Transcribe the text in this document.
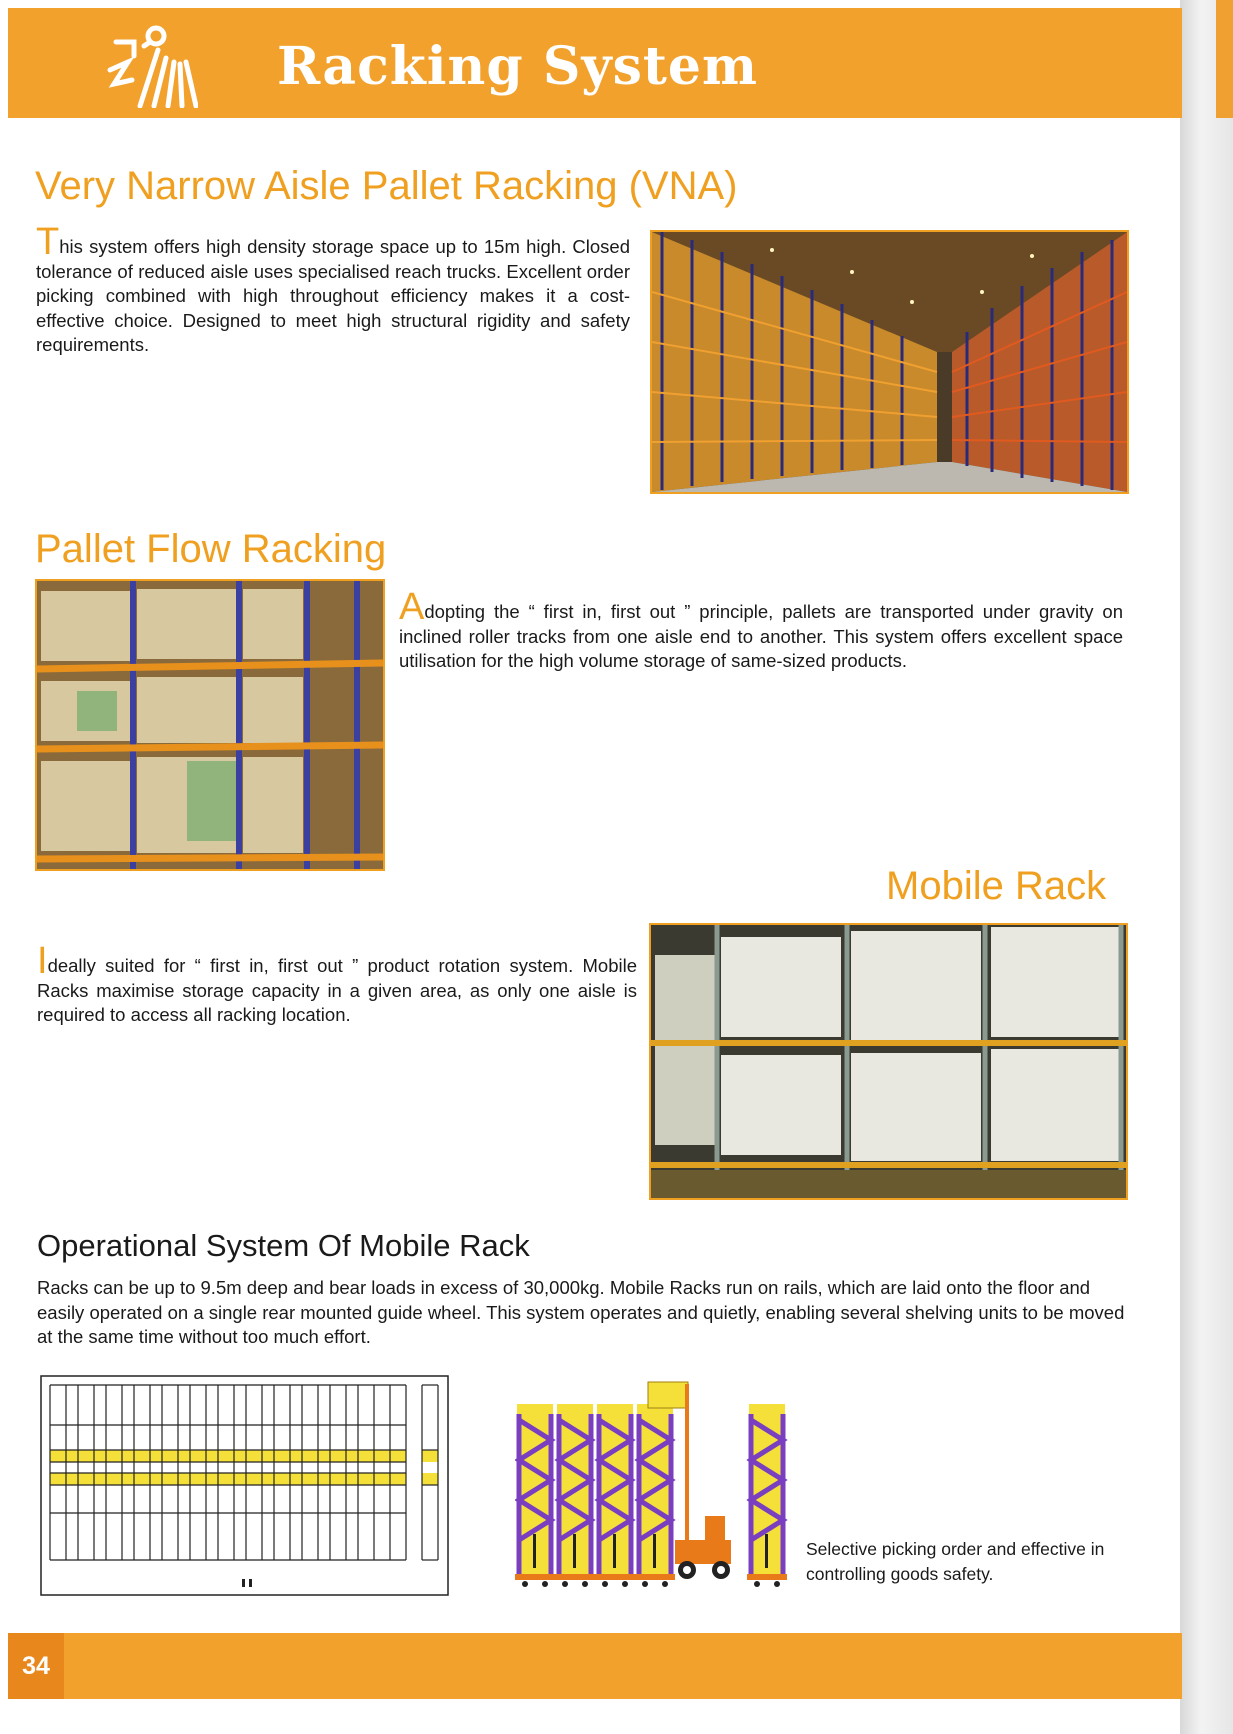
Racking System
Very Narrow Aisle Pallet Racking (VNA)
This system offers high density storage space up to 15m high. Closed tolerance of reduced aisle uses specialised reach trucks. Excellent order picking combined with high throughout efficiency makes it a cost-effective choice. Designed to meet high structural rigidity and safety requirements.
Pallet Flow Racking
Adopting the “ first in, first out ” principle, pallets are transported under gravity on inclined roller tracks from one aisle end to another. This system offers excellent space utilisation for the high volume storage of same-sized products.
Mobile Rack
Ideally suited for “ first in, first out ” product rotation system. Mobile Racks maximise storage capacity in a given area, as only one aisle is required to access all racking location.
Operational System Of Mobile Rack
Racks can be up to 9.5m deep and bear loads in excess of 30,000kg. Mobile Racks run on rails, which are laid onto the floor and easily operated on a single rear mounted guide wheel. This system operates and quietly, enabling several shelving units to be moved at the same time without too much effort.
Selective picking order and effective in controlling goods safety.
34
